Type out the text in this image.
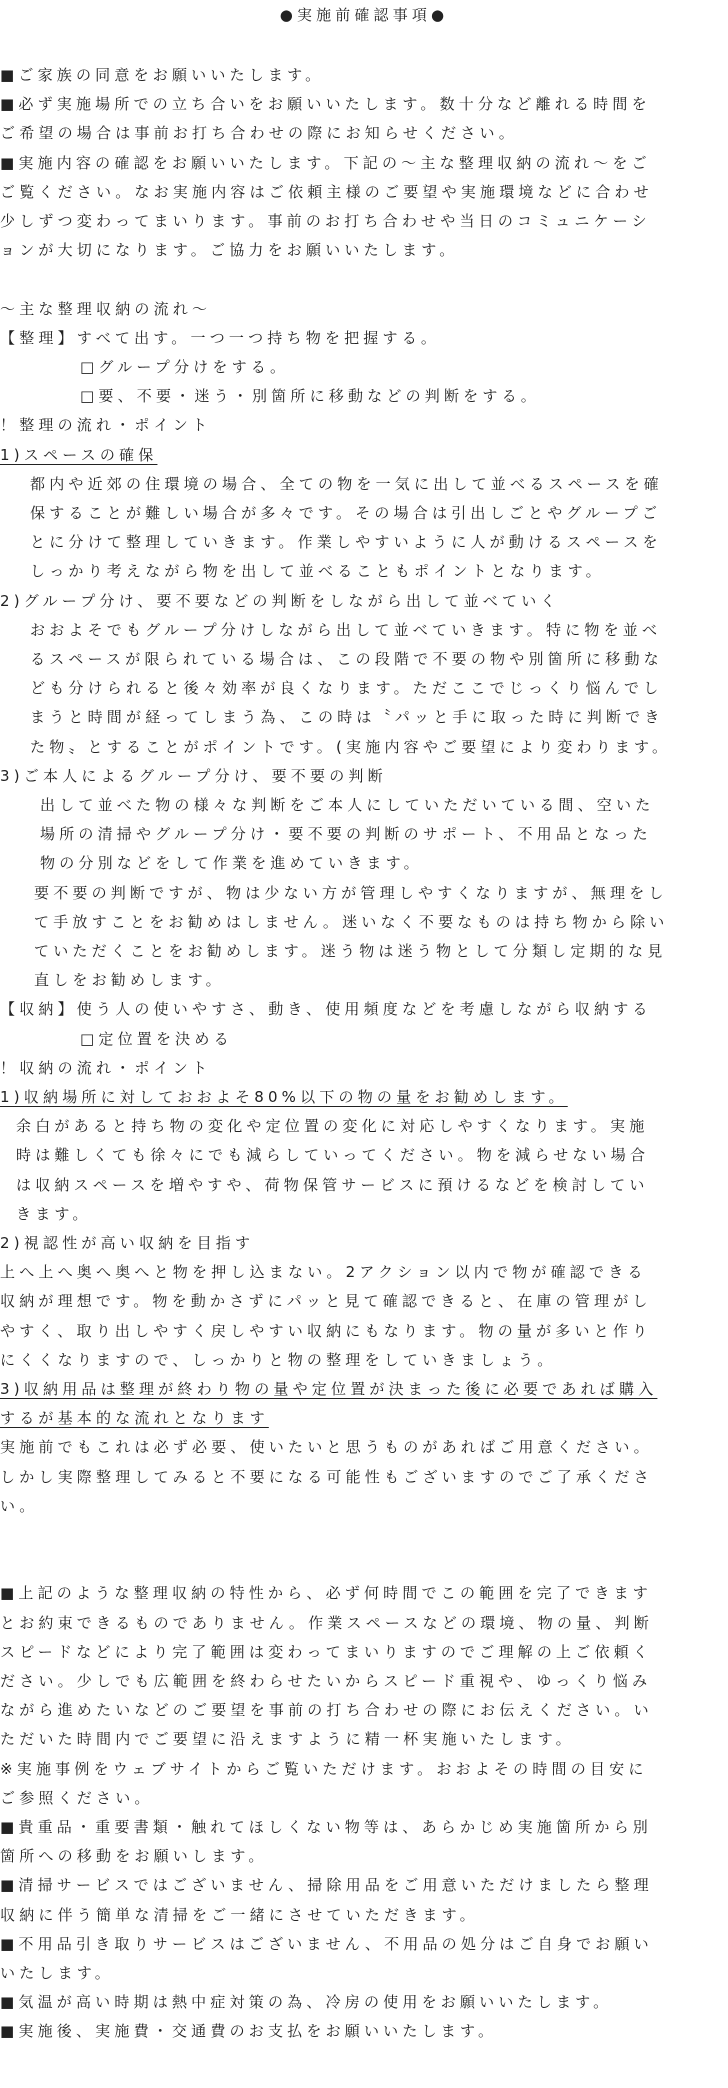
●実施前確認事項●
■ご家族の同意をお願いいたします。
■必ず実施場所での立ち合いをお願いいたします。数十分など離れる時間を
ご希望の場合は事前お打ち合わせの際にお知らせください。
■実施内容の確認をお願いいたします。下記の～主な整理収納の流れ～をご
ご覧ください。なお実施内容はご依頼主様のご要望や実施環境などに合わせ
少しずつ変わってまいります。事前のお打ち合わせや当日のコミュニケーシ
ョンが大切になります。ご協力をお願いいたします。
～主な整理収納の流れ～
【整理】すべて出す。一つ一つ持ち物を把握する。
□グループ分けをする。
□要、不要・迷う・別箇所に移動などの判断をする。
！整理の流れ・ポイント
1)スペースの確保
都内や近郊の住環境の場合、全ての物を一気に出して並べるスペースを確
保することが難しい場合が多々です。その場合は引出しごとやグループご
とに分けて整理していきます。作業しやすいように人が動けるスペースを
しっかり考えながら物を出して並べることもポイントとなります。
2)グループ分け、要不要などの判断をしながら出して並べていく
おおよそでもグループ分けしながら出して並べていきます。特に物を並べ
るスペースが限られている場合は、この段階で不要の物や別箇所に移動な
ども分けられると後々効率が良くなります。ただここでじっくり悩んでし
まうと時間が経ってしまう為、この時は〝パッと手に取った時に判断でき
た物〟とすることがポイントです。(実施内容やご要望により変わります。
3)ご本人によるグループ分け、要不要の判断
出して並べた物の様々な判断をご本人にしていただいている間、空いた
場所の清掃やグループ分け・要不要の判断のサポート、不用品となった
物の分別などをして作業を進めていきます。
要不要の判断ですが、物は少ない方が管理しやすくなりますが、無理をし
て手放すことをお勧めはしません。迷いなく不要なものは持ち物から除い
ていただくことをお勧めします。迷う物は迷う物として分類し定期的な見
直しをお勧めします。
【収納】使う人の使いやすさ、動き、使用頻度などを考慮しながら収納する
□定位置を決める
！収納の流れ・ポイント
1)収納場所に対しておおよそ80%以下の物の量をお勧めします。
余白があると持ち物の変化や定位置の変化に対応しやすくなります。実施
時は難しくても徐々にでも減らしていってください。物を減らせない場合
は収納スペースを増やすや、荷物保管サービスに預けるなどを検討してい
きます。
2)視認性が高い収納を目指す
上へ上へ奥へ奥へと物を押し込まない。2アクション以内で物が確認できる
収納が理想です。物を動かさずにパッと見て確認できると、在庫の管理がし
やすく、取り出しやすく戻しやすい収納にもなります。物の量が多いと作り
にくくなりますので、しっかりと物の整理をしていきましょう。
3)収納用品は整理が終わり物の量や定位置が決まった後に必要であれば購入
するが基本的な流れとなります
実施前でもこれは必ず必要、使いたいと思うものがあればご用意ください。
しかし実際整理してみると不要になる可能性もございますのでご了承くださ
い。
■上記のような整理収納の特性から、必ず何時間でこの範囲を完了できます
とお約束できるものでありません。作業スペースなどの環境、物の量、判断
スピードなどにより完了範囲は変わってまいりますのでご理解の上ご依頼く
ださい。少しでも広範囲を終わらせたいからスピード重視や、ゆっくり悩み
ながら進めたいなどのご要望を事前の打ち合わせの際にお伝えください。い
ただいた時間内でご要望に沿えますように精一杯実施いたします。
※実施事例をウェブサイトからご覧いただけます。おおよその時間の目安に
ご参照ください。
■貴重品・重要書類・触れてほしくない物等は、あらかじめ実施箇所から別
箇所への移動をお願いします。
■清掃サービスではございません、掃除用品をご用意いただけましたら整理
収納に伴う簡単な清掃をご一緒にさせていただきます。
■不用品引き取りサービスはございません、不用品の処分はご自身でお願い
いたします。
■気温が高い時期は熱中症対策の為、冷房の使用をお願いいたします。
■実施後、実施費・交通費のお支払をお願いいたします。
